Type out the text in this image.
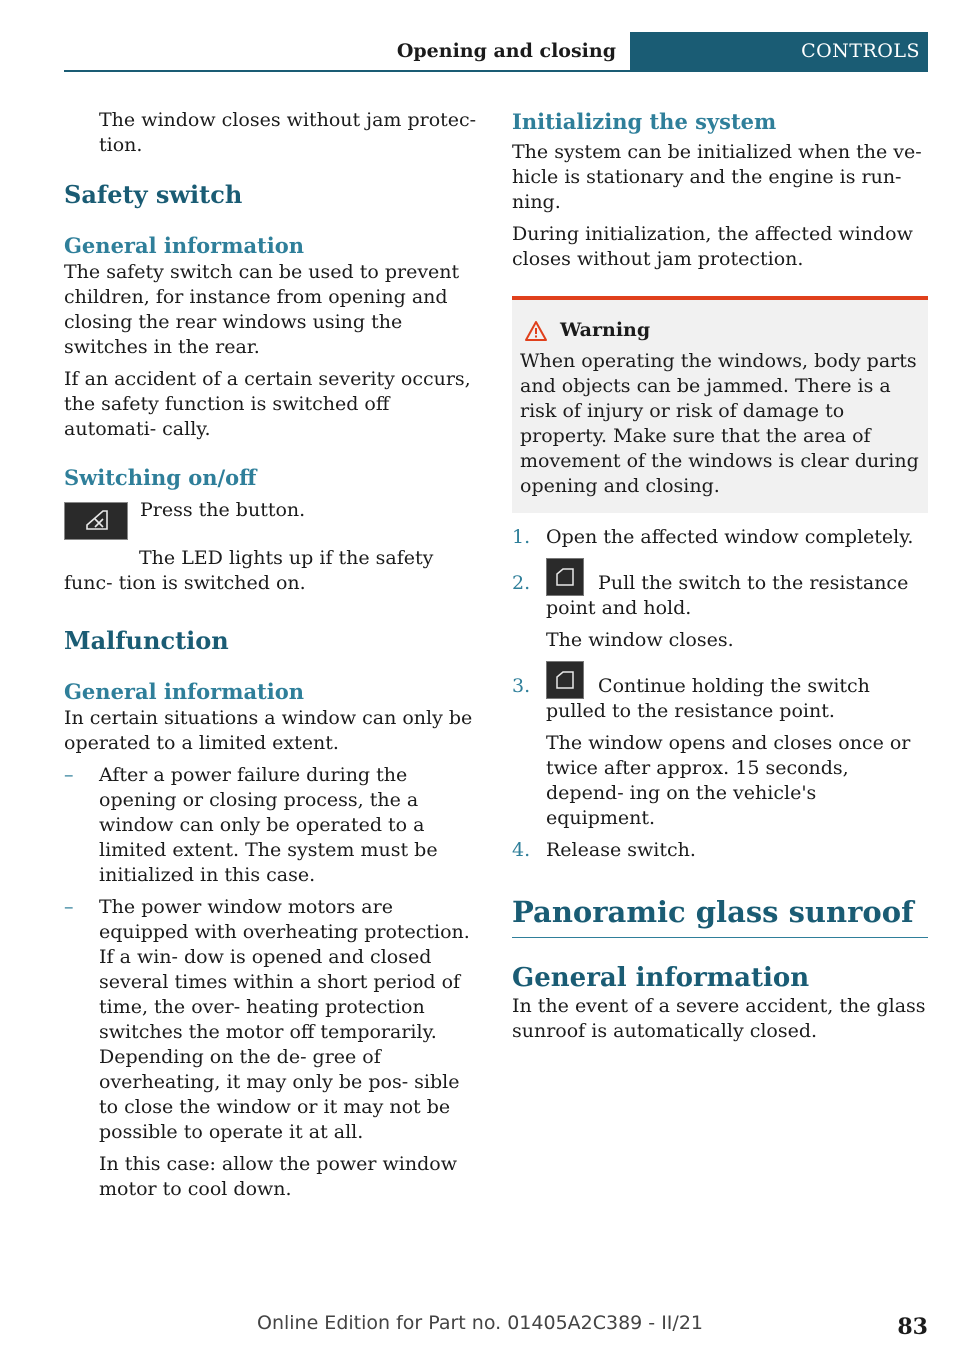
Opening and closing	CONTROLS

The window closes without jam protec‐ tion.

Safety switch
General information

The safety switch can be used to prevent children, for instance from opening and closing the rear windows using the switches in the rear.

If an accident of a certain severity occurs, the safety function is switched off automati‐ cally.

Switching on/off

Press the button.

The LED lights up if the safety func‐ tion is switched on.

Malfunction
General information

In certain situations a window can only be operated to a limited extent.

– After a power failure during the opening or closing process, the a window can only be operated to a limited extent. The system must be initialized in this case.
– The power window motors are equipped with overheating protection. If a win‐ dow is opened and closed several times within a short period of time, the over‐ heating protection switches the motor off temporarily. Depending on the de‐ gree of overheating, it may only be pos‐ sible to close the window or it may not be possible to operate it at all.

In this case: allow the power window motor to cool down.

Initializing the system

The system can be initialized when the ve‐ hicle is stationary and the engine is run‐ ning.

During initialization, the affected window closes without jam protection.

Warning
When operating the windows, body parts and objects can be jammed. There is a risk of injury or risk of damage to property. Make sure that the area of movement of the windows is clear during opening and closing.
1. Open the affected window completely.
2.	Pull the switch to the resistance point and hold.

The window closes.

3.	Continue holding the switch pulled to the resistance point.

The window opens and closes once or twice after approx. 15 seconds, depend‐ ing on the vehicle's equipment.

4. Release switch.
Panoramic glass sunroof
General information

In the event of a severe accident, the glass sunroof is automatically closed.

Online Edition for Part no. 01405A2C389 - II/21	83
